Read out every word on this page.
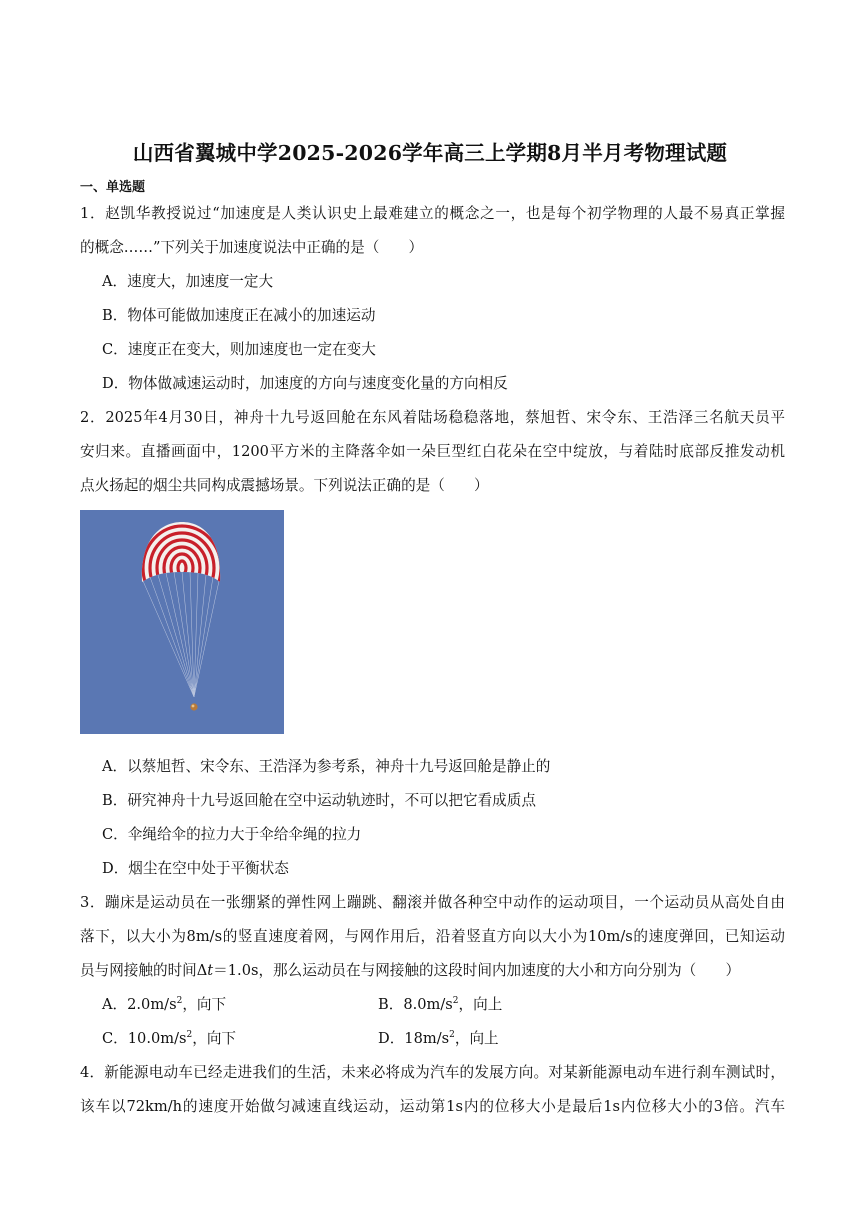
山西省翼城中学2025-2026学年高三上学期8月半月考物理试题
一、单选题
1．赵凯华教授说过“加速度是人类认识史上最难建立的概念之一，也是每个初学物理的人最不易真正掌握
的概念……”下列关于加速度说法中正确的是（　　）
A．速度大，加速度一定大
B．物体可能做加速度正在减小的加速运动
C．速度正在变大，则加速度也一定在变大
D．物体做减速运动时，加速度的方向与速度变化量的方向相反
2．2025年4月30日，神舟十九号返回舱在东风着陆场稳稳落地，蔡旭哲、宋令东、王浩泽三名航天员平
安归来。直播画面中，1200平方米的主降落伞如一朵巨型红白花朵在空中绽放，与着陆时底部反推发动机
点火扬起的烟尘共同构成震撼场景。下列说法正确的是（　　）
A．以蔡旭哲、宋令东、王浩泽为参考系，神舟十九号返回舱是静止的
B．研究神舟十九号返回舱在空中运动轨迹时，不可以把它看成质点
C．伞绳给伞的拉力大于伞给伞绳的拉力
D．烟尘在空中处于平衡状态
3．蹦床是运动员在一张绷紧的弹性网上蹦跳、翻滚并做各种空中动作的运动项目，一个运动员从高处自由
落下，以大小为8m/s的竖直速度着网，与网作用后，沿着竖直方向以大小为10m/s的速度弹回，已知运动
员与网接触的时间Δt＝1.0s，那么运动员在与网接触的这段时间内加速度的大小和方向分别为（　　）
A．$2.0m/s^2$，向下	B．$8.0m/s^2$，向上
C．$10.0m/s^2$，向下	D．$18m/s^2$，向上
4．新能源电动车已经走进我们的生活，未来必将成为汽车的发展方向。对某新能源电动车进行刹车测试时，
该车以72km/h的速度开始做匀减速直线运动，运动第1s内的位移大小是最后1s内位移大小的3倍。汽车
